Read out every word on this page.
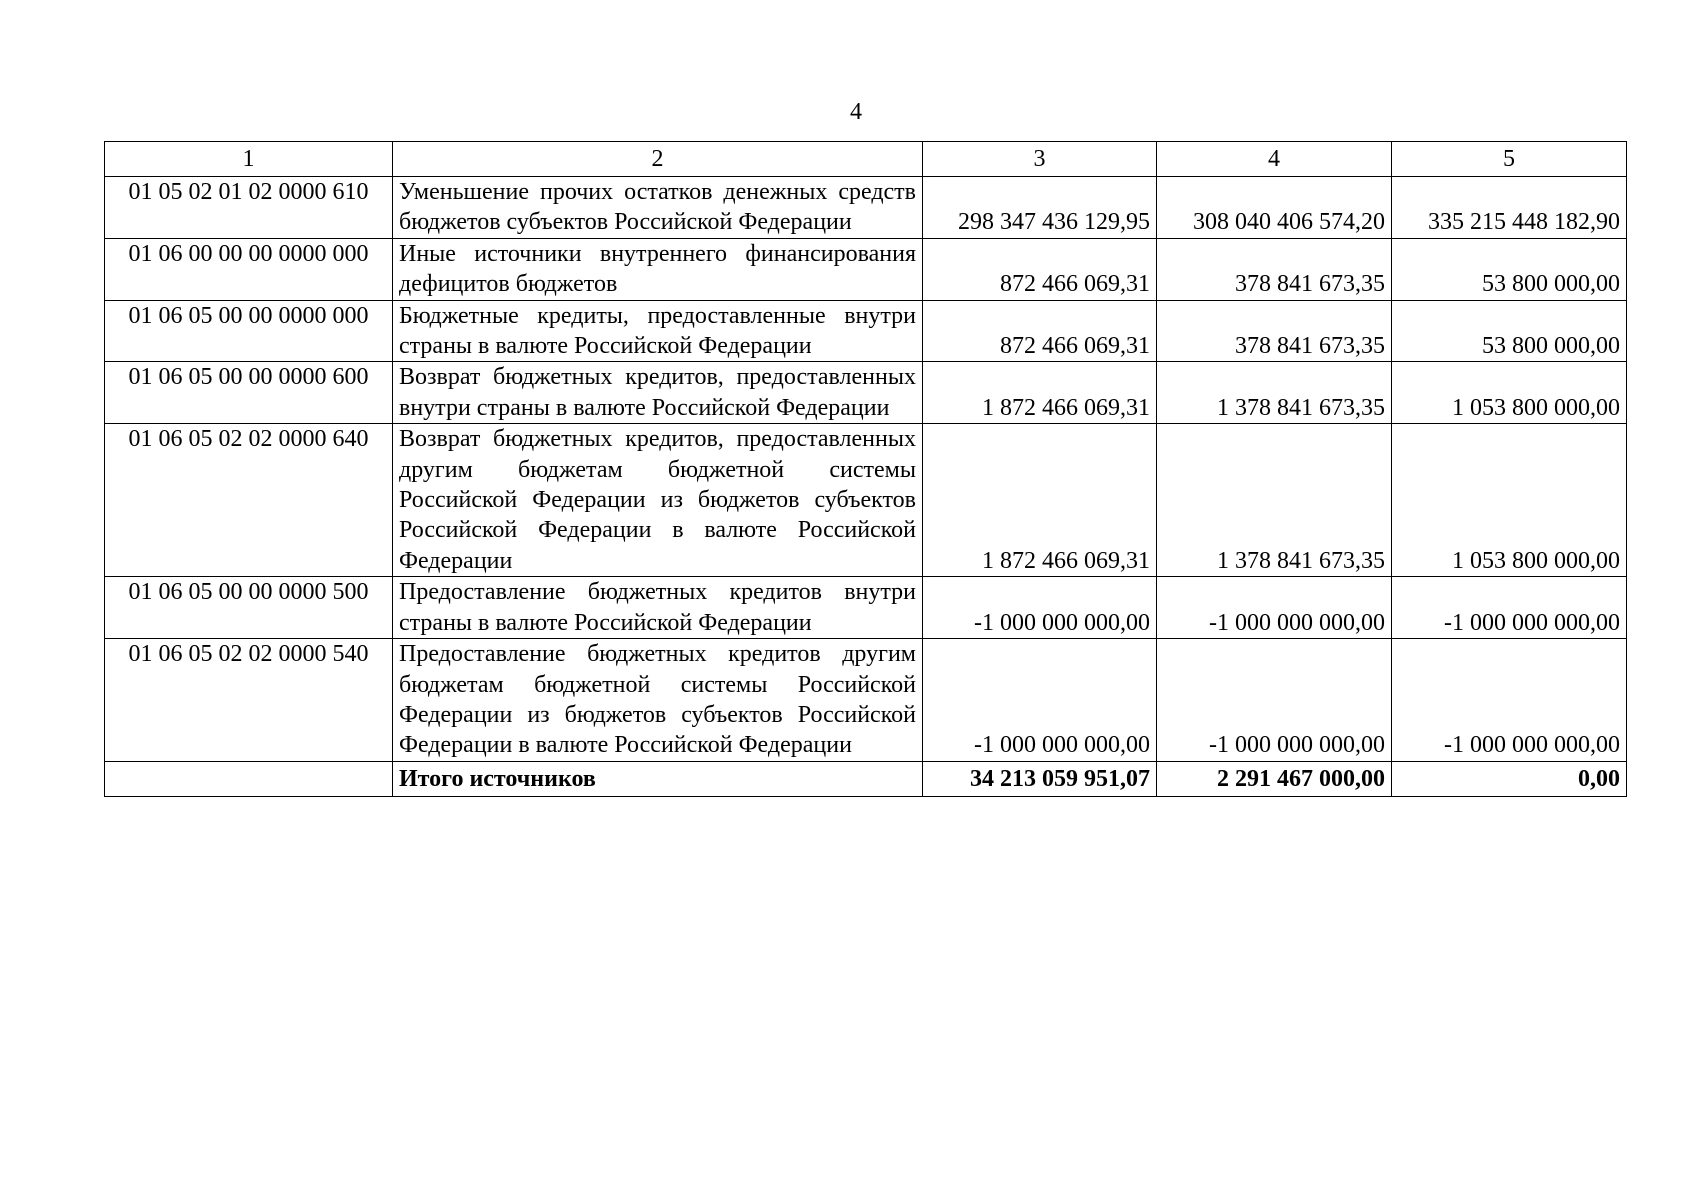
4
1	2	3	4	5
01 05 02 01 02 0000 610	Уменьшение прочих остатков денежных средств бюджетов субъектов Российской Федерации	298 347 436 129,95	308 040 406 574,20	335 215 448 182,90
01 06 00 00 00 0000 000	Иные источники внутреннего финансирования дефицитов бюджетов	872 466 069,31	378 841 673,35	53 800 000,00
01 06 05 00 00 0000 000	Бюджетные кредиты, предоставленные внутри страны в валюте Российской Федерации	872 466 069,31	378 841 673,35	53 800 000,00
01 06 05 00 00 0000 600	Возврат бюджетных кредитов, предоставленных внутри страны в валюте Российской Федерации	1 872 466 069,31	1 378 841 673,35	1 053 800 000,00
01 06 05 02 02 0000 640	Возврат бюджетных кредитов, предоставленных другим бюджетам бюджетной системы Российской Федерации из бюджетов субъектов Российской Федерации в валюте Российской Федерации	1 872 466 069,31	1 378 841 673,35	1 053 800 000,00
01 06 05 00 00 0000 500	Предоставление бюджетных кредитов внутри страны в валюте Российской Федерации	-1 000 000 000,00	-1 000 000 000,00	-1 000 000 000,00
01 06 05 02 02 0000 540	Предоставление бюджетных кредитов другим бюджетам бюджетной системы Российской Федерации из бюджетов субъектов Российской Федерации в валюте Российской Федерации	-1 000 000 000,00	-1 000 000 000,00	-1 000 000 000,00
	Итого источников	34 213 059 951,07	2 291 467 000,00	0,00
